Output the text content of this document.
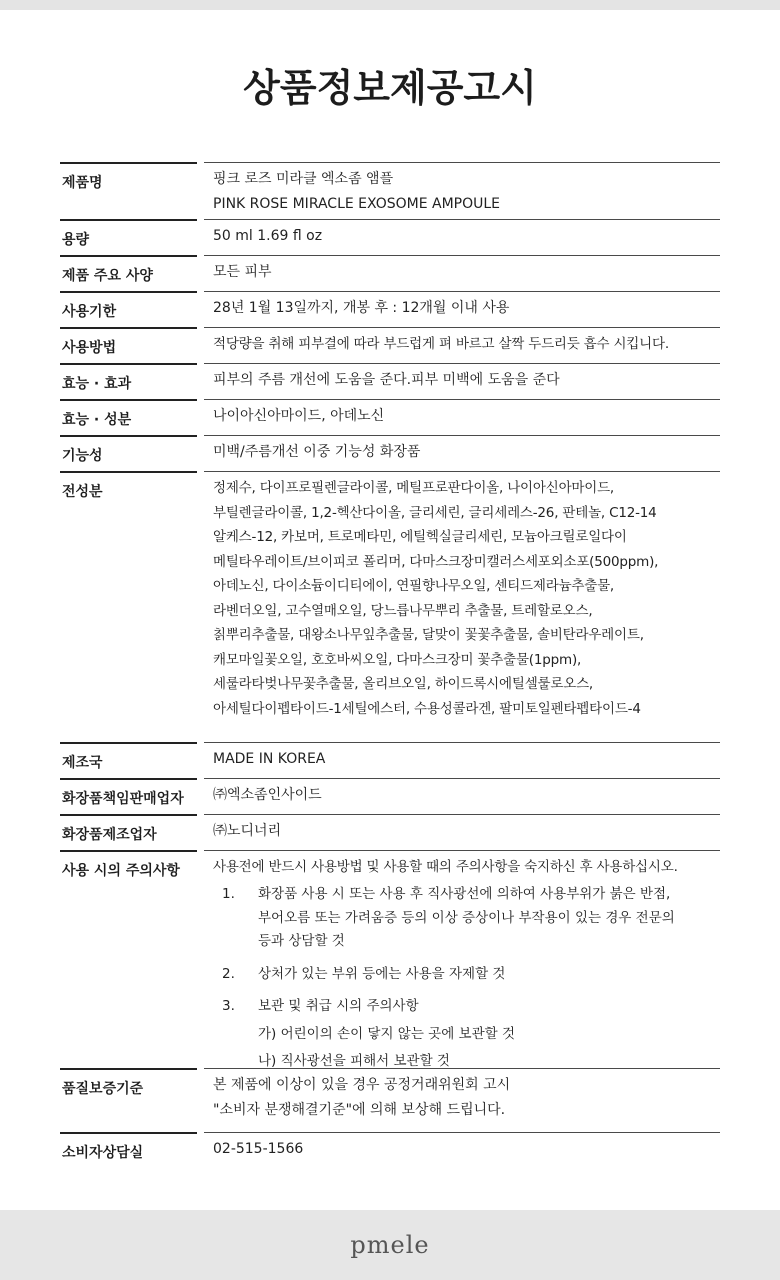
상품정보제공고시
제품명	핑크 로즈 미라클 엑소좀 앰플
PINK ROSE MIRACLE EXOSOME AMPOULE
용량	50 ml 1.69 fl oz
제품 주요 사양	모든 피부
사용기한	28년 1월 13일까지, 개봉 후 : 12개월 이내 사용
사용방법	적당량을 취해 피부결에 따라 부드럽게 펴 바르고 살짝 두드리듯 흡수 시킵니다.
효능 · 효과	피부의 주름 개선에 도움을 준다.피부 미백에 도움을 준다
효능 · 성분	나이아신아마이드, 아데노신
기능성	미백/주름개선 이중 기능성 화장품
전성분	정제수, 다이프로필렌글라이콜, 메틸프로판다이올, 나이아신아마이드,
부틸렌글라이콜, 1,2-헥산다이올, 글리세린, 글리세레스-26, 판테놀, C12-14
알케스-12, 카보머, 트로메타민, 에틸헥실글리세린, 모늄아크릴로일다이
메틸타우레이트/브이피코 폴리머, 다마스크장미캘러스세포외소포(500ppm),
아데노신, 다이소듐이디티에이, 연필향나무오일, 센티드제라늄추출물,
라벤더오일, 고수열매오일, 당느릅나무뿌리 추출물, 트레할로오스,
칡뿌리추출물, 대왕소나무잎추출물, 달맞이 꽃꽃추출물, 솔비탄라우레이트,
캐모마일꽃오일, 호호바씨오일, 다마스크장미 꽃추출물(1ppm),
세룰라타벚나무꽃추출물, 올리브오일, 하이드록시에틸셀룰로오스,
아세틸다이펩타이드-1세틸에스터, 수용성콜라겐, 팔미토일펜타펩타이드-4
제조국	MADE IN KOREA
화장품책임판매업자	㈜엑소좀인사이드
화장품제조업자	㈜노디너리
사용 시의 주의사항	사용전에 반드시 사용방법 및 사용할 때의 주의사항을 숙지하신 후 사용하십시오.
1.	화장품 사용 시 또는 사용 후 직사광선에 의하여 사용부위가 붉은 반점,
부어오름 또는 가려움증 등의 이상 증상이나 부작용이 있는 경우 전문의
등과 상담할 것
2.	상처가 있는 부위 등에는 사용을 자제할 것
3.	보관 및 취급 시의 주의사항
가) 어린이의 손이 닿지 않는 곳에 보관할 것
나) 직사광선을 피해서 보관할 것
품질보증기준	본 제품에 이상이 있을 경우 공정거래위원회 고시
"소비자 분쟁해결기준"에 의해 보상해 드립니다.
소비자상담실	02-515-1566
pmele
